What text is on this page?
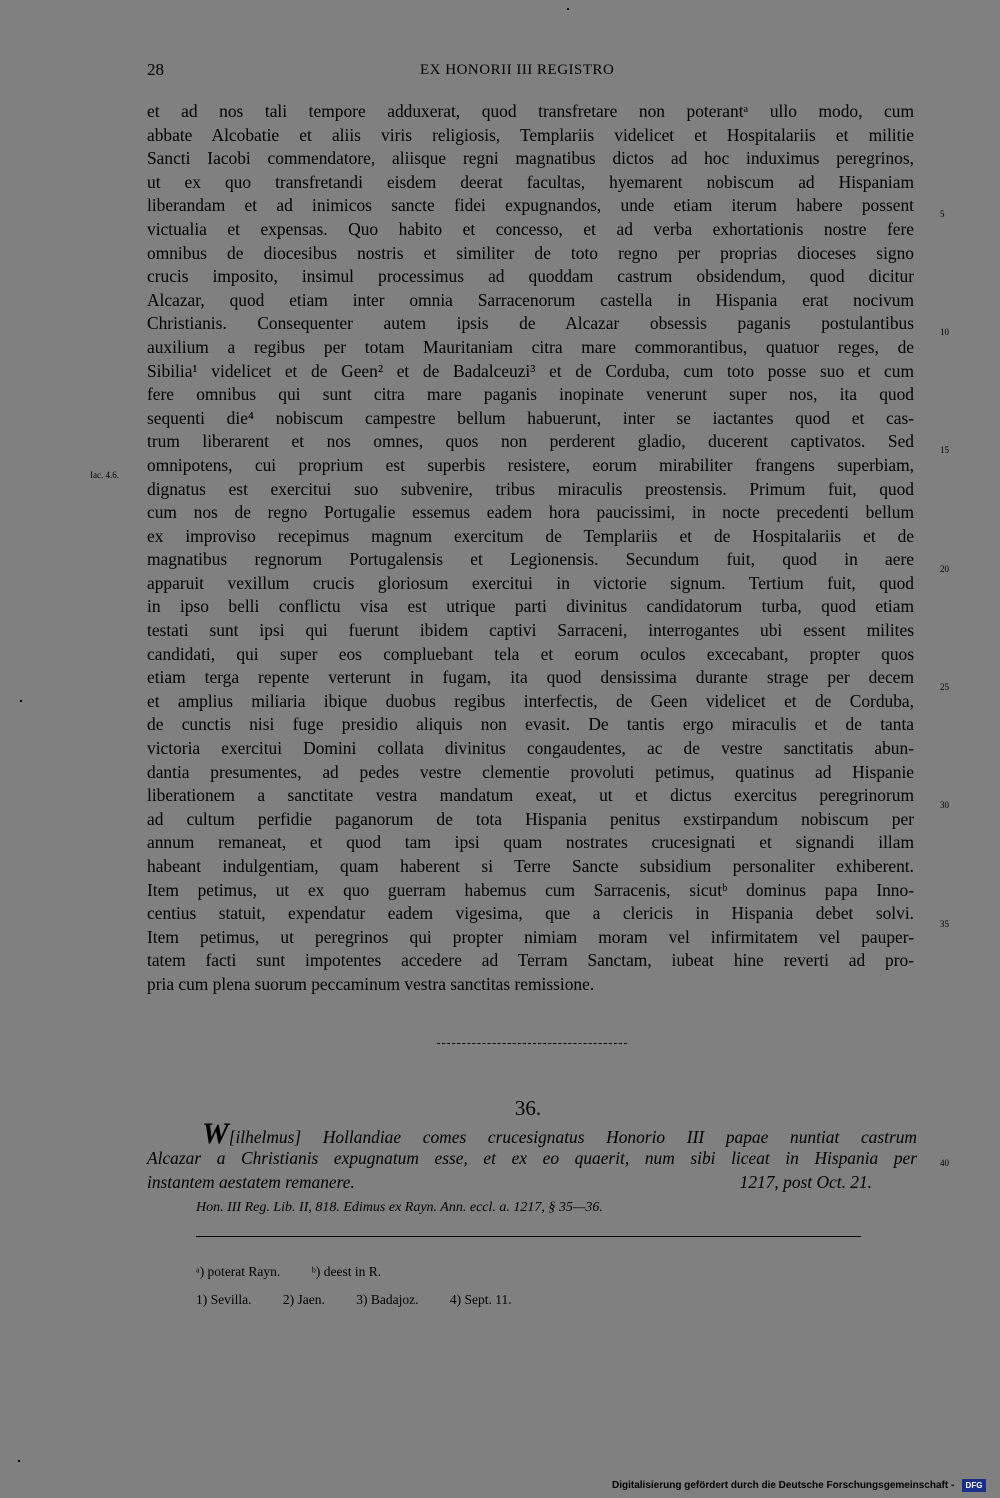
28	EX HONORII III REGISTRO
Iac. 4.6.
et ad nos tali tempore adduxerat, quod transfretare non poterantᵃ ullo modo, cum
abbate Alcobatie et aliis viris religiosis, Templariis videlicet et Hospitalariis et militie
Sancti Iacobi commendatore, aliisque regni magnatibus dictos ad hoc induximus peregrinos,
ut ex quo transfretandi eisdem deerat facultas, hyemarent nobiscum ad Hispaniam
liberandam et ad inimicos sancte fidei expugnandos, unde etiam iterum habere possent
victualia et expensas. Quo habito et concesso, et ad verba exhortationis nostre fere
omnibus de diocesibus nostris et similiter de toto regno per proprias dioceses signo
crucis imposito, insimul processimus ad quoddam castrum obsidendum, quod dicitur
Alcazar, quod etiam inter omnia Sarracenorum castella in Hispania erat nocivum
Christianis. Consequenter autem ipsis de Alcazar obsessis paganis postulantibus
auxilium a regibus per totam Mauritaniam citra mare commorantibus, quatuor reges, de
Sibilia¹ videlicet et de Geen² et de Badalceuzi³ et de Corduba, cum toto posse suo et cum
fere omnibus qui sunt citra mare paganis inopinate venerunt super nos, ita quod
sequenti die⁴ nobiscum campestre bellum habuerunt, inter se iactantes quod et cas-
trum liberarent et nos omnes, quos non perderent gladio, ducerent captivatos. Sed
omnipotens, cui proprium est superbis resistere, eorum mirabiliter frangens superbiam,
dignatus est exercitui suo subvenire, tribus miraculis preostensis. Primum fuit, quod
cum nos de regno Portugalie essemus eadem hora paucissimi, in nocte precedenti bellum
ex improviso recepimus magnum exercitum de Templariis et de Hospitalariis et de
magnatibus regnorum Portugalensis et Legionensis. Secundum fuit, quod in aere
apparuit vexillum crucis gloriosum exercitui in victorie signum. Tertium fuit, quod
in ipso belli conflictu visa est utrique parti divinitus candidatorum turba, quod etiam
testati sunt ipsi qui fuerunt ibidem captivi Sarraceni, interrogantes ubi essent milites
candidati, qui super eos compluebant tela et eorum oculos excecabant, propter quos
etiam terga repente verterunt in fugam, ita quod densissima durante strage per decem
et amplius miliaria ibique duobus regibus interfectis, de Geen videlicet et de Corduba,
de cunctis nisi fuge presidio aliquis non evasit. De tantis ergo miraculis et de tanta
victoria exercitui Domini collata divinitus congaudentes, ac de vestre sanctitatis abun-
dantia presumentes, ad pedes vestre clementie provoluti petimus, quatinus ad Hispanie
liberationem a sanctitate vestra mandatum exeat, ut et dictus exercitus peregrinorum
ad cultum perfidie paganorum de tota Hispania penitus exstirpandum nobiscum per
annum remaneat, et quod tam ipsi quam nostrates crucesignati et signandi illam
habeant indulgentiam, quam haberent si Terre Sancte subsidium personaliter exhiberent.
Item petimus, ut ex quo guerram habemus cum Sarracenis, sicutᵇ dominus papa Inno-
centius statuit, expendatur eadem vigesima, que a clericis in Hispania debet solvi.
Item petimus, ut peregrinos qui propter nimiam moram vel infirmitatem vel pauper-
tatem facti sunt impotentes accedere ad Terram Sanctam, iubeat hine reverti ad pro-
pria cum plena suorum peccaminum vestra sanctitas remissione.
5
10
15
20
25
30
35
40
36.
W[ilhelmus] Hollandiae comes crucesignatus Honorio III papae nuntiat castrum
Alcazar a Christianis expugnatum esse, et ex eo quaerit, num sibi liceat in Hispania per
instantem aestatem remanere.	1217, post Oct. 21.
Hon. III Reg. Lib. II, 818. Edimus ex Rayn. Ann. eccl. a. 1217, § 35—36.
ᵃ) poterat Rayn. ᵇ) deest in R.
1) Sevilla. 2) Jaen. 3) Badajoz. 4) Sept. 11.
Digitalisierung gefördert durch die Deutsche Forschungsgemeinschaft -	DFG
